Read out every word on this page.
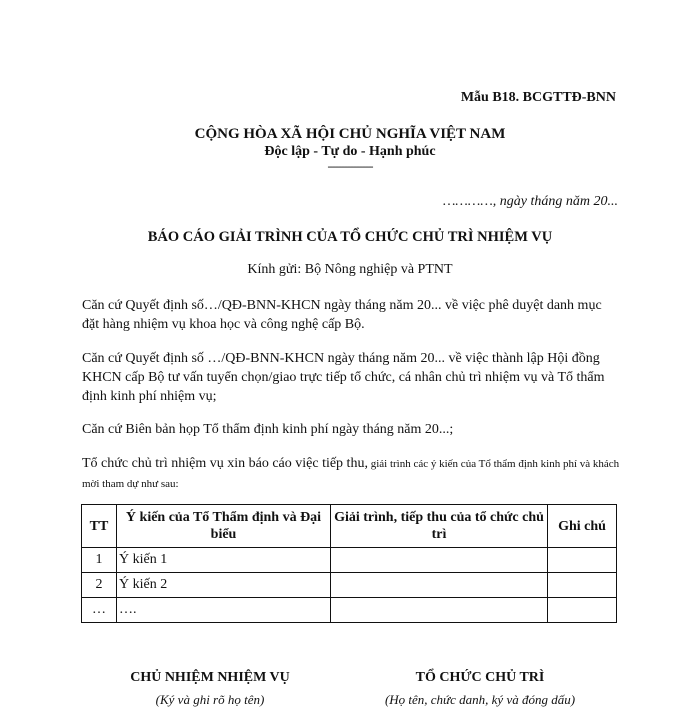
Mẫu B18. BCGTTĐ-BNN
CỘNG HÒA XÃ HỘI CHỦ NGHĨA VIỆT NAM
Độc lập - Tự do - Hạnh phúc
---------------
…………, ngày tháng năm 20...
BÁO CÁO GIẢI TRÌNH CỦA TỔ CHỨC CHỦ TRÌ NHIỆM VỤ
Kính gửi: Bộ Nông nghiệp và PTNT
Căn cứ Quyết định số…/QĐ-BNN-KHCN ngày tháng năm 20... về việc phê duyệt danh mục đặt hàng nhiệm vụ khoa học và công nghệ cấp Bộ.
Căn cứ Quyết định số …/QĐ-BNN-KHCN ngày tháng năm 20... về việc thành lập Hội đồng KHCN cấp Bộ tư vấn tuyển chọn/giao trực tiếp tổ chức, cá nhân chủ trì nhiệm vụ và Tổ thẩm định kinh phí nhiệm vụ;
Căn cứ Biên bản họp Tổ thẩm định kinh phí ngày tháng năm 20...;
Tổ chức chủ trì nhiệm vụ xin báo cáo việc tiếp thu, giải trình các ý kiến của Tổ thẩm định kinh phí và khách mời tham dự như sau:
TT	Ý kiến của Tổ Thẩm định và Đại biểu	Giải trình, tiếp thu của tổ chức chủ trì	Ghi chú
1	Ý kiến 1		
2	Ý kiến 2		
…	….		
CHỦ NHIỆM NHIỆM VỤ
(Ký và ghi rõ họ tên)
TỔ CHỨC CHỦ TRÌ
(Họ tên, chức danh, ký và đóng dấu)
